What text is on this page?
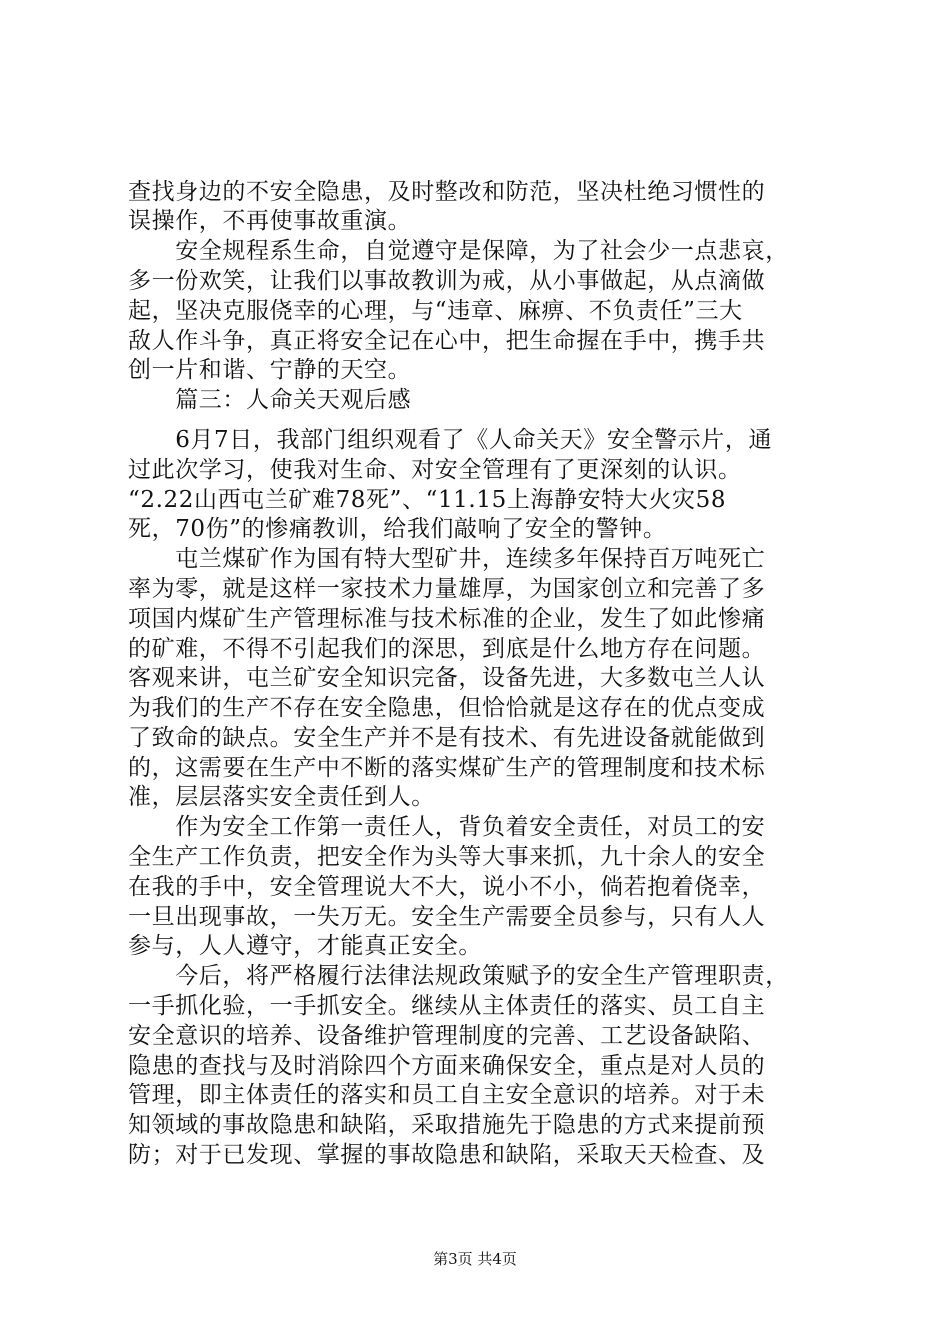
查找身边的不安全隐患，及时整改和防范，坚决杜绝习惯性的
误操作，不再使事故重演。
　　安全规程系生命，自觉遵守是保障，为了社会少一点悲哀，
多一份欢笑，让我们以事故教训为戒，从小事做起，从点滴做
起，坚决克服侥幸的心理，与“违章、麻痹、不负责任”三大
敌人作斗争，真正将安全记在心中，把生命握在手中，携手共
创一片和谐、宁静的天空。
　　篇三：人命关天观后感
　　6月7日，我部门组织观看了《人命关天》安全警示片，通
过此次学习，使我对生命、对安全管理有了更深刻的认识。
“2.22山西屯兰矿难78死”、“11.15上海静安特大火灾58
死，70伤”的惨痛教训，给我们敲响了安全的警钟。
　　屯兰煤矿作为国有特大型矿井，连续多年保持百万吨死亡
率为零，就是这样一家技术力量雄厚，为国家创立和完善了多
项国内煤矿生产管理标准与技术标准的企业，发生了如此惨痛
的矿难，不得不引起我们的深思，到底是什么地方存在问题。
客观来讲，屯兰矿安全知识完备，设备先进，大多数屯兰人认
为我们的生产不存在安全隐患，但恰恰就是这存在的优点变成
了致命的缺点。安全生产并不是有技术、有先进设备就能做到
的，这需要在生产中不断的落实煤矿生产的管理制度和技术标
准，层层落实安全责任到人。
　　作为安全工作第一责任人，背负着安全责任，对员工的安
全生产工作负责，把安全作为头等大事来抓，九十余人的安全
在我的手中，安全管理说大不大，说小不小，倘若抱着侥幸，
一旦出现事故，一失万无。安全生产需要全员参与，只有人人
参与，人人遵守，才能真正安全。
　　今后，将严格履行法律法规政策赋予的安全生产管理职责，
一手抓化验，一手抓安全。继续从主体责任的落实、员工自主
安全意识的培养、设备维护管理制度的完善、工艺设备缺陷、
隐患的查找与及时消除四个方面来确保安全，重点是对人员的
管理，即主体责任的落实和员工自主安全意识的培养。对于未
知领域的事故隐患和缺陷，采取措施先于隐患的方式来提前预
防；对于已发现、掌握的事故隐患和缺陷，采取天天检查、及
第3页 共4页
